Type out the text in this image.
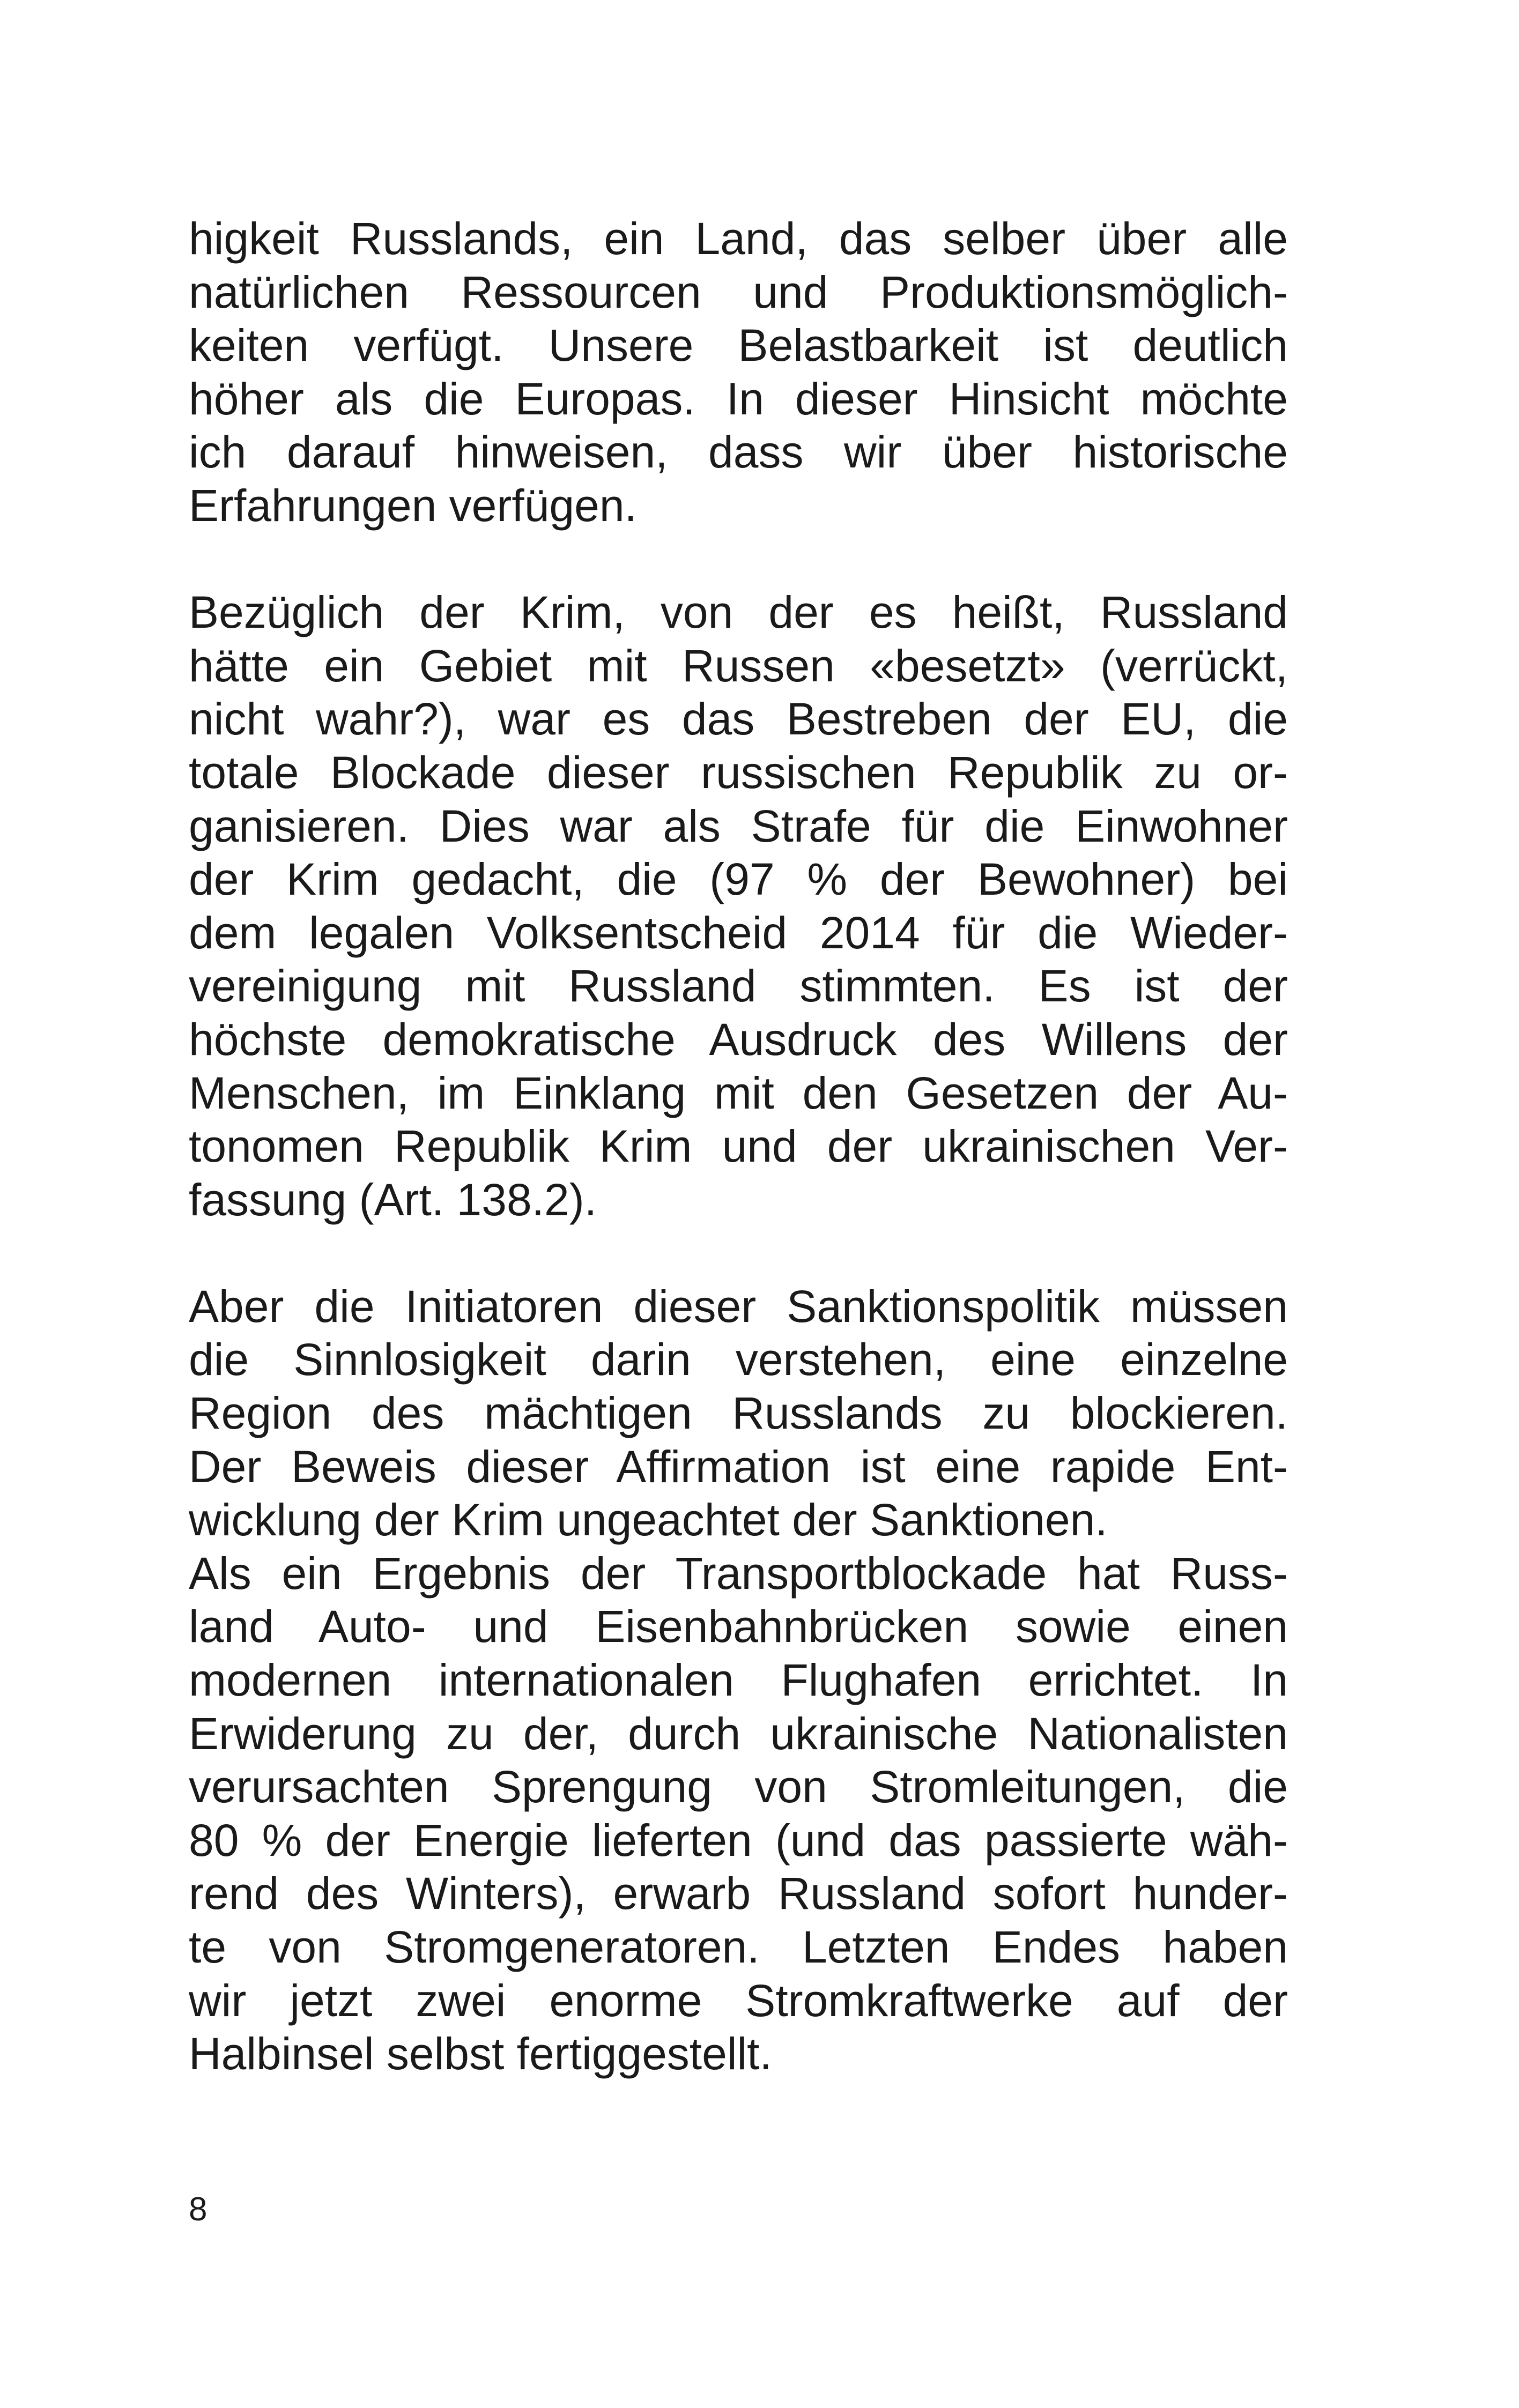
higkeit Russlands, ein Land, das selber über alle
natürlichen Ressourcen und Produktionsmöglich-
keiten verfügt. Unsere Belastbarkeit ist deutlich
höher als die Europas. In dieser Hinsicht möchte
ich darauf hinweisen, dass wir über historische
Erfahrungen verfügen.

Bezüglich der Krim, von der es heißt, Russland
hätte ein Gebiet mit Russen «besetzt» (verrückt,
nicht wahr?), war es das Bestreben der EU, die
totale Blockade dieser russischen Republik zu or-
ganisieren. Dies war als Strafe für die Einwohner
der Krim gedacht, die (97 % der Bewohner) bei
dem legalen Volksentscheid 2014 für die Wieder-
vereinigung mit Russland stimmten. Es ist der
höchste demokratische Ausdruck des Willens der
Menschen, im Einklang mit den Gesetzen der Au-
tonomen Republik Krim und der ukrainischen Ver-
fassung (Art. 138.2).

Aber die Initiatoren dieser Sanktionspolitik müssen
die Sinnlosigkeit darin verstehen, eine einzelne
Region des mächtigen Russlands zu blockieren.
Der Beweis dieser Affirmation ist eine rapide Ent-
wicklung der Krim ungeachtet der Sanktionen.

Als ein Ergebnis der Transportblockade hat Russ-
land Auto- und Eisenbahnbrücken sowie einen
modernen internationalen Flughafen errichtet. In
Erwiderung zu der, durch ukrainische Nationalisten
verursachten Sprengung von Stromleitungen, die
80 % der Energie lieferten (und das passierte wäh-
rend des Winters), erwarb Russland sofort hunder-
te von Stromgeneratoren. Letzten Endes haben
wir jetzt zwei enorme Stromkraftwerke auf der
Halbinsel selbst fertiggestellt.

8
